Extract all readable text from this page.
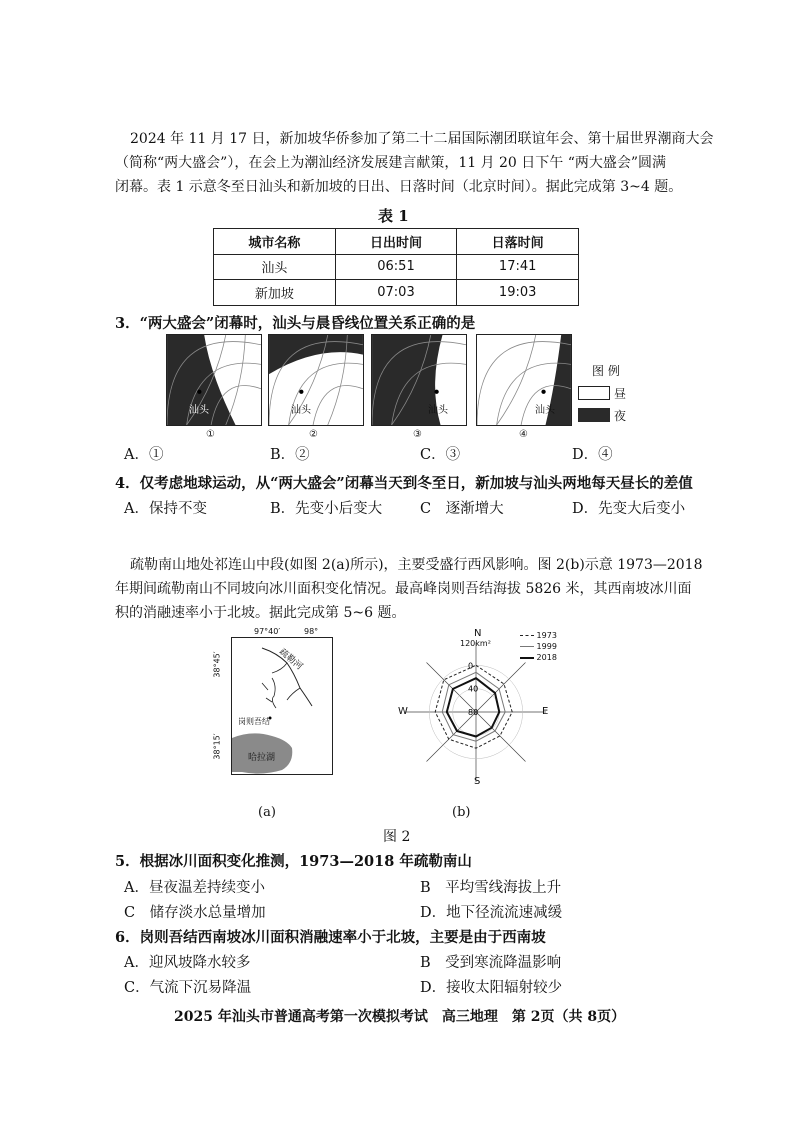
2024 年 11 月 17 日，新加坡华侨参加了第二十二届国际潮团联谊年会、第十届世界潮商大会
（简称“两大盛会”），在会上为潮汕经济发展建言献策，11 月 20 日下午 “两大盛会”圆满
闭幕。表 1 示意冬至日汕头和新加坡的日出、日落时间（北京时间）。据此完成第 3~4 题。
表 1
城市名称	日出时间	日落时间
汕头	06:51	17:41
新加坡	07:03	19:03
3．“两大盛会”闭幕时，汕头与晨昏线位置关系正确的是
汕头
①
汕头
②
汕头
③
汕头
④
图 例
昼
夜
A．①	B．②	C．③	D．④
4．仅考虑地球运动，从“两大盛会”闭幕当天到冬至日，新加坡与汕头两地每天昼长的差值
A．保持不变	B．先变小后变大	C　逐渐增大	D．先变大后变小
疏勒南山地处祁连山中段(如图 2(a)所示)，主要受盛行西风影响。图 2(b)示意 1973—2018
年期间疏勒南山不同坡向冰川面积变化情况。最高峰岗则吾结海拔 5826 米，其西南坡冰川面
积的消融速率小于北坡。据此完成第 5~6 题。
疏勒河
岗则吾结
哈拉湖
97°40′	98°
38°45′
38°15′
(a)
80
40
0
N
S
E
W
120km²
1973
1999
2018
(b)
图 2
5．根据冰川面积变化推测，1973—2018 年疏勒南山
A．昼夜温差持续变小	B　平均雪线海拔上升
C　储存淡水总量增加	D．地下径流流速减缓
6．岗则吾结西南坡冰川面积消融速率小于北坡，主要是由于西南坡
A．迎风坡降水较多	B　受到寒流降温影响
C．气流下沉易降温	D．接收太阳辐射较少
2025 年汕头市普通高考第一次模拟考试　高三地理　第 2页（共 8页）
